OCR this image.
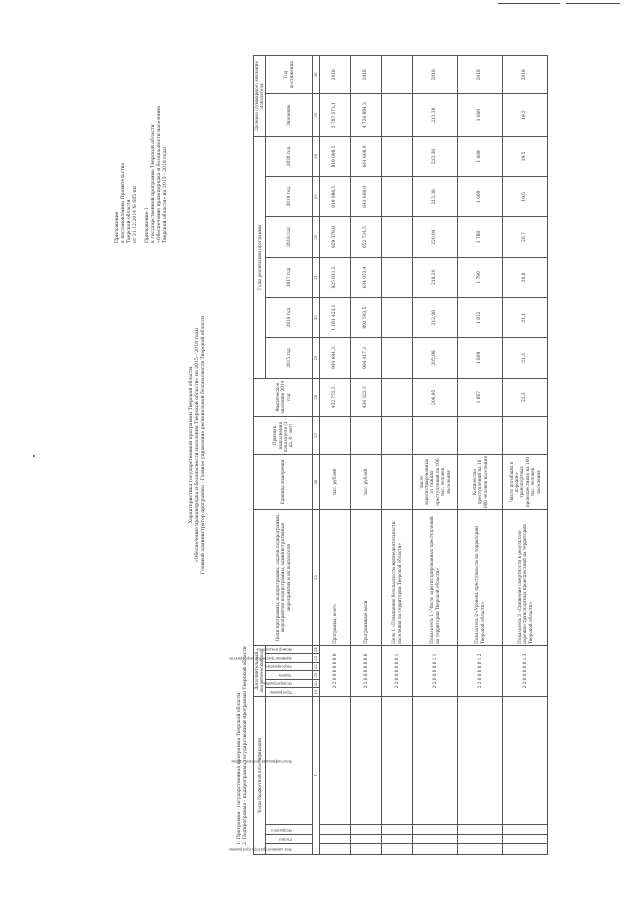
Приложение к постановлению Правительства Тверской области от 31.12.2014 № 685-пп Приложение 1 к государственной программе Тверской области «Обеспечение правопорядка и безопасности населения Тверской области» на 2015 - 2018 годы
Характеристика государственной программы Тверской области «Обеспечение правопорядка и безопасности населения Тверской области» на 2015 - 2018 годы Главный администратор программы - Главное управление региональной безопасности Тверской области
1. Программа - государственная программа Тверской области 2. Подпрограмма - подпрограмма государственной программы Тверской области Коды бюджетной классификации				Дополнительный аналитический код						Цели программы, подпрограммы, задачи подпрограммы, мероприятия подпрограммы, административные мероприятия и их показатели	Единица измерения	Признак выполнения показателя (1 - да, 0 - нет)	Фактическое значение 2014 год	Годы реализации программы						Целевое (суммарное) значение показателя	

Код администратора программы	Раздел	Подраздел	Классификация целевой статьи	Программа	Подпрограмма	Задача	Мероприятие	Административное мероприятие	Номер показателя					2015 год	2016 год	2017 год	2018 год	2019 год	2020 год	Значение	Год достижения
1				19	20	21	22	23	24	25	26	27	28	29	30	31	32	33	34	35	36
				2 2 0 0 0 0 0 0 0						Программа, всего	тыс. рублей		452 755,5	944 694,3	1 181 424,1	925 811,5	929 379,8	919 098,5	919 098,5	5 797 573,1	2018
				2 2 0 0 0 0 0 0 0						Программные цели	тыс. рублей		434 322,3	904 417,3	892 503,5	634 051,4	652 734,5	641 608,0	641 608,0	4 726 894,3	2018
				2 2 0 0 0 0 0 0 1						Цель 1 «Повышение безопасности жизнедеятельности населения на территории Тверской области»											
				2 2 0 0 0 0 0 1 1						Показатель 1 «Число зарегистрированных преступлений на территории Тверской области»	число зарегистрированных от тяжких преступлений на 100 тыс. человек населения		206,95	205,99	212,98	218,24	220,94	213,38	213,38	213,38	2018
				2 2 0 0 0 0 0 1 2						Показатель 2 «Уровень преступности на территории Тверской области»	Количество преступлений на 10 000 человек населения		1 867	1 809	1 832	1 790	1 788	1 669	1 669	1 669	2018
				2 2 0 0 0 0 0 1 3						Показатель 3 «Снижение смертности в результате дорожно-транспортных происшествий на территории Тверской области»	Число погибших в дорожно-транспортных происшествиях на 100 тыс. человек населения		22,3	21,3	21,1	20,8	20,7	19,5	19,5	19,5	2018
